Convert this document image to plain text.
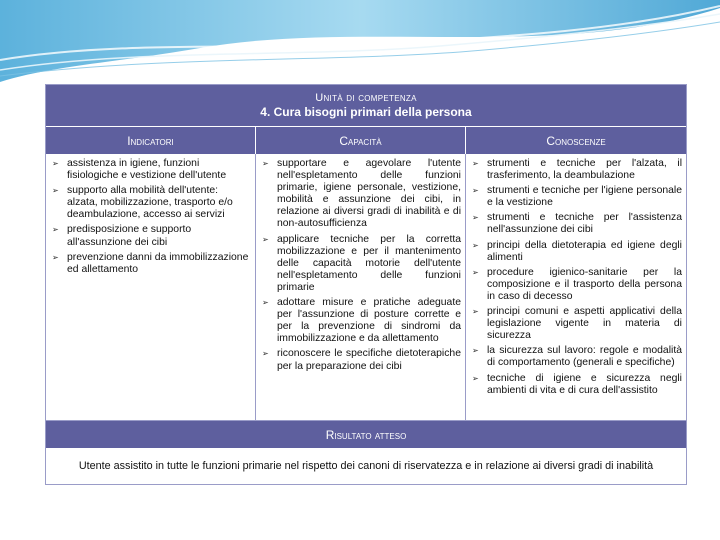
Unità di competenza
4. Cura bisogni primari della persona
Indicatori	Capacità	Conoscenze
➢ assistenza in igiene, funzioni fisiologiche e vestizione dell'utente
➢ supporto alla mobilità dell'utente: alzata, mobilizzazione, trasporto e/o deambulazione, accesso ai servizi
➢ predisposizione e supporto all'assunzione dei cibi
➢ prevenzione danni da immobilizzazione ed allettamento
➢ supportare e agevolare l'utente nell'espletamento delle funzioni primarie, igiene personale, vestizione, mobilità e assunzione dei cibi, in relazione ai diversi gradi di inabilità e di non-autosufficienza
➢ applicare tecniche per la corretta mobilizzazione e per il mantenimento delle capacità motorie dell'utente nell'espletamento delle funzioni primarie
➢ adottare misure e pratiche adeguate per l'assunzione di posture corrette e per la prevenzione di sindromi da immobilizzazione e da allettamento
➢ riconoscere le specifiche dietoterapiche per la preparazione dei cibi
➢ strumenti e tecniche per l'alzata, il trasferimento, la deambulazione
➢ strumenti e tecniche per l'igiene personale e la vestizione
➢ strumenti e tecniche per l'assistenza nell'assunzione dei cibi
➢ principi della dietoterapia ed igiene degli alimenti
➢ procedure igienico-sanitarie per la composizione e il trasporto della persona in caso di decesso
➢ principi comuni e aspetti applicativi della legislazione vigente in materia di sicurezza
➢ la sicurezza sul lavoro: regole e modalità di comportamento (generali e specifiche)
➢ tecniche di igiene e sicurezza negli ambienti di vita e di cura dell'assistito
Risultato atteso
Utente assistito in tutte le funzioni primarie nel rispetto dei canoni di riservatezza e in relazione ai diversi gradi di inabilità
